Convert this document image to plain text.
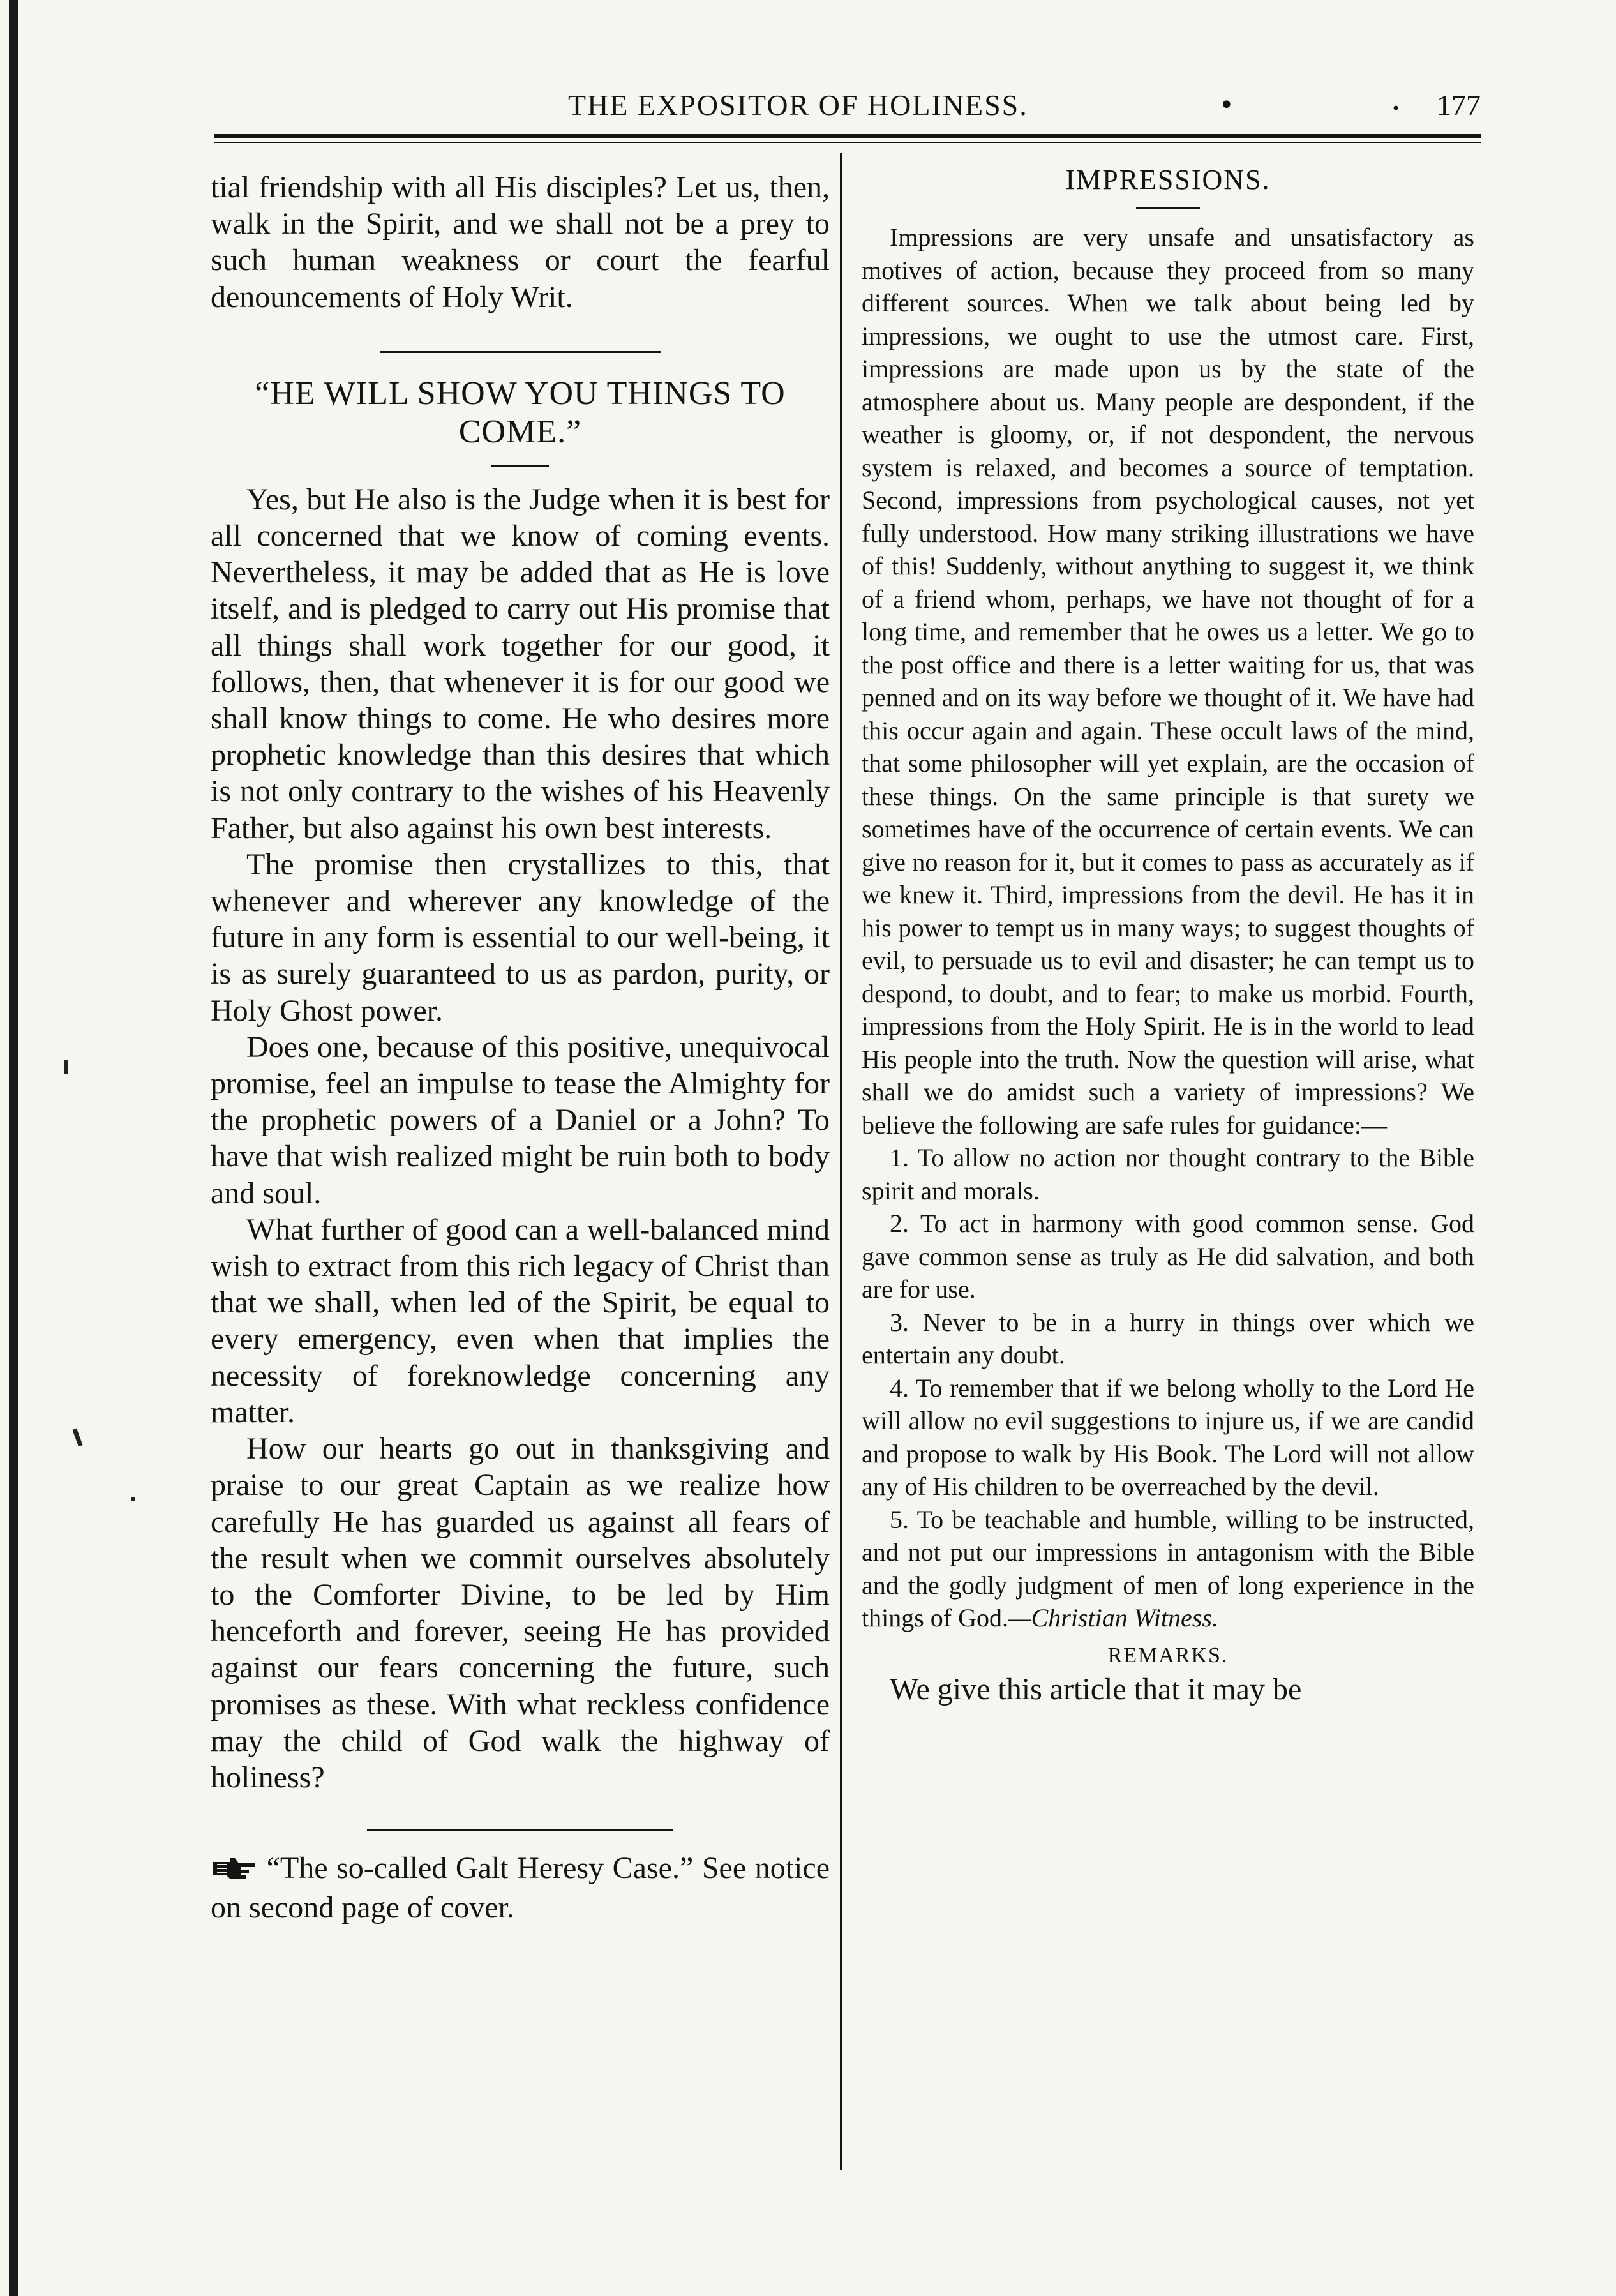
THE EXPOSITOR OF HOLINESS.	•	• 177

tial friendship with all His disciples? Let us, then, walk in the Spirit, and we shall not be a prey to such human weakness or court the fearful denouncements of Holy Writ.

“HE WILL SHOW YOU THINGS TO COME.”

Yes, but He also is the Judge when it is best for all concerned that we know of coming events. Nevertheless, it may be added that as He is love itself, and is pledged to carry out His promise that all things shall work together for our good, it follows, then, that whenever it is for our good we shall know things to come. He who desires more prophetic knowledge than this desires that which is not only contrary to the wishes of his Heavenly Father, but also against his own best interests.

The promise then crystallizes to this, that whenever and wherever any knowledge of the future in any form is essential to our well-being, it is as surely guaranteed to us as pardon, purity, or Holy Ghost power.

Does one, because of this positive, unequivocal promise, feel an impulse to tease the Almighty for the prophetic powers of a Daniel or a John? To have that wish realized might be ruin both to body and soul.

What further of good can a well-balanced mind wish to extract from this rich legacy of Christ than that we shall, when led of the Spirit, be equal to every emergency, even when that implies the necessity of foreknowledge concerning any matter.

How our hearts go out in thanksgiving and praise to our great Captain as we realize how carefully He has guarded us against all fears of the result when we commit ourselves absolutely to the Comforter Divine, to be led by Him henceforth and forever, seeing He has provided against our fears concerning the future, such promises as these. With what reckless confidence may the child of God walk the highway of holiness?

“The so-called Galt Heresy Case.” See notice on second page of cover.

IMPRESSIONS.

Impressions are very unsafe and unsatisfactory as motives of action, because they proceed from so many different sources. When we talk about being led by impressions, we ought to use the utmost care. First, impressions are made upon us by the state of the atmosphere about us. Many people are despondent, if the weather is gloomy, or, if not despondent, the nervous system is relaxed, and becomes a source of temptation. Second, impressions from psychological causes, not yet fully understood. How many striking illustrations we have of this! Suddenly, without anything to suggest it, we think of a friend whom, perhaps, we have not thought of for a long time, and remember that he owes us a letter. We go to the post office and there is a letter waiting for us, that was penned and on its way before we thought of it. We have had this occur again and again. These occult laws of the mind, that some philosopher will yet explain, are the occasion of these things. On the same principle is that surety we sometimes have of the occurrence of certain events. We can give no reason for it, but it comes to pass as accurately as if we knew it. Third, impressions from the devil. He has it in his power to tempt us in many ways; to suggest thoughts of evil, to persuade us to evil and disaster; he can tempt us to despond, to doubt, and to fear; to make us morbid. Fourth, impressions from the Holy Spirit. He is in the world to lead His people into the truth. Now the question will arise, what shall we do amidst such a variety of impressions? We believe the following are safe rules for guidance:—

1. To allow no action nor thought contrary to the Bible spirit and morals.

2. To act in harmony with good common sense. God gave common sense as truly as He did salvation, and both are for use.

3. Never to be in a hurry in things over which we entertain any doubt.

4. To remember that if we belong wholly to the Lord He will allow no evil suggestions to injure us, if we are candid and propose to walk by His Book. The Lord will not allow any of His children to be overreached by the devil.

5. To be teachable and humble, willing to be instructed, and not put our impressions in antagonism with the Bible and the godly judgment of men of long experience in the things of God.—Christian Witness.

REMARKS.

We give this article that it may be
